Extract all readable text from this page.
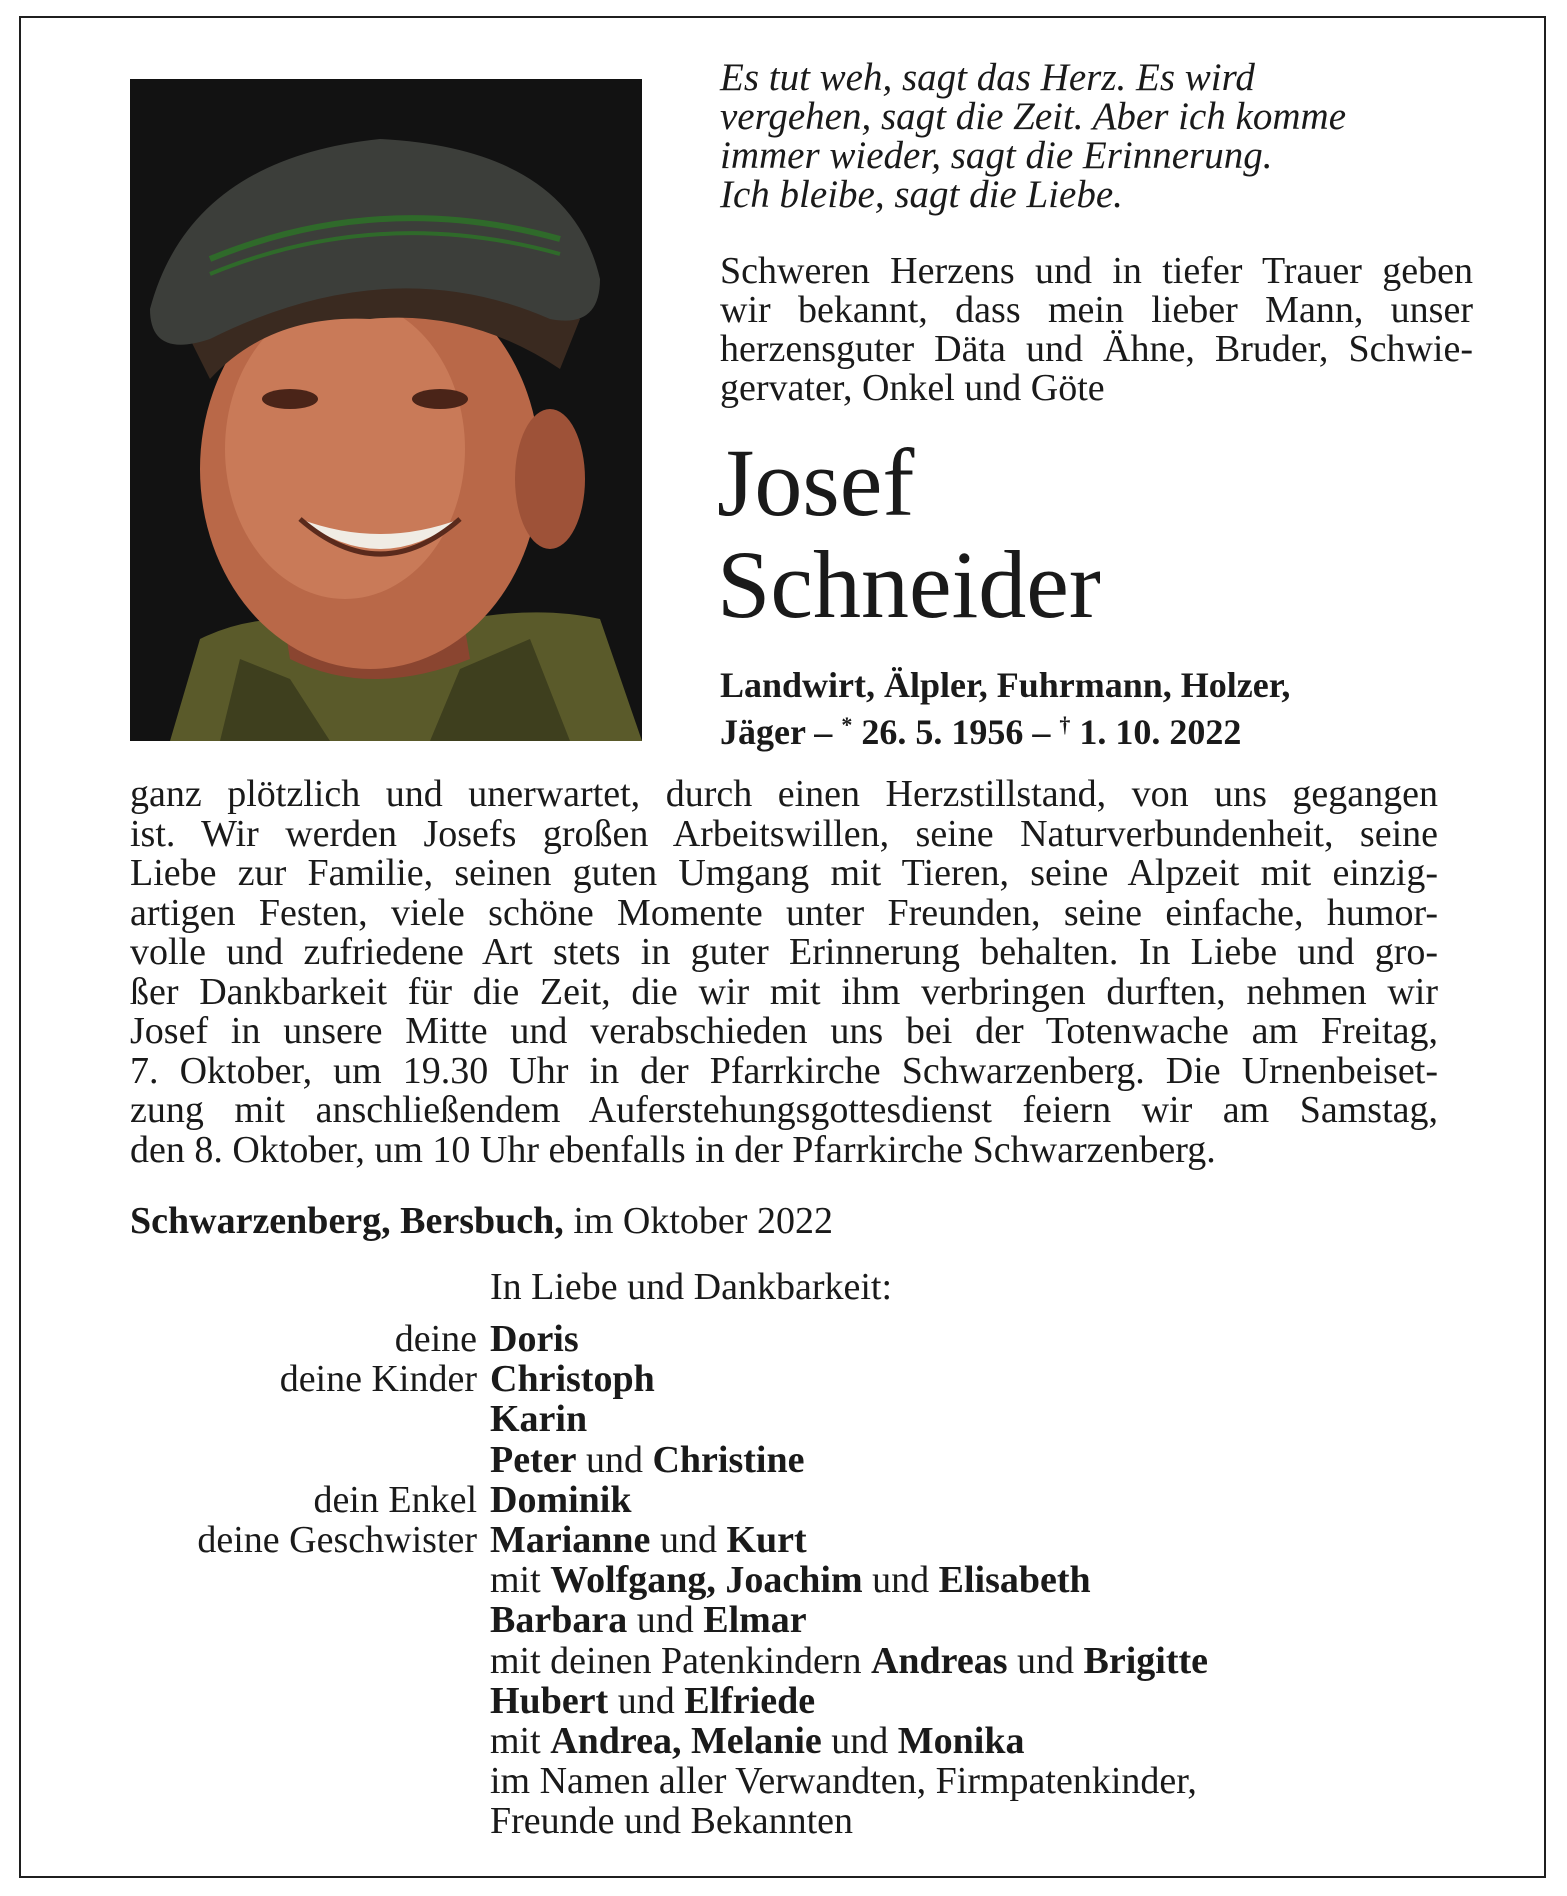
Es tut weh, sagt das Herz. Es wird
vergehen, sagt die Zeit. Aber ich komme
immer wieder, sagt die Erinnerung.
Ich bleibe, sagt die Liebe.
Schweren Herzens und in tiefer Trauer geben
wir bekannt, dass mein lieber Mann, unser
herzensguter Däta und Ähne, Bruder, Schwie-
gervater, Onkel und Göte
Josef
Schneider
Landwirt, Älpler, Fuhrmann, Holzer,
Jäger – * 26. 5. 1956 – † 1. 10. 2022
ganz plötzlich und unerwartet, durch einen Herzstillstand, von uns gegangen
ist. Wir werden Josefs großen Arbeitswillen, seine Naturverbundenheit, seine
Liebe zur Familie, seinen guten Umgang mit Tieren, seine Alpzeit mit einzig-
artigen Festen, viele schöne Momente unter Freunden, seine einfache, humor-
volle und zufriedene Art stets in guter Erinnerung behalten. In Liebe und gro-
ßer Dankbarkeit für die Zeit, die wir mit ihm verbringen durften, nehmen wir
Josef in unsere Mitte und verabschieden uns bei der Totenwache am Freitag,
7. Oktober, um 19.30 Uhr in der Pfarrkirche Schwarzenberg. Die Urnenbeiset-
zung mit anschließendem Auferstehungsgottesdienst feiern wir am Samstag,
den 8. Oktober, um 10 Uhr ebenfalls in der Pfarrkirche Schwarzenberg.
Schwarzenberg, Bersbuch, im Oktober 2022
In Liebe und Dankbarkeit:
deine Doris
deine Kinder Christoph
Karin
Peter und Christine
dein Enkel Dominik
deine Geschwister Marianne und Kurt
mit Wolfgang, Joachim und Elisabeth
Barbara und Elmar
mit deinen Patenkindern Andreas und Brigitte
Hubert und Elfriede
mit Andrea, Melanie und Monika
im Namen aller Verwandten, Firmpatenkinder,
Freunde und Bekannten
